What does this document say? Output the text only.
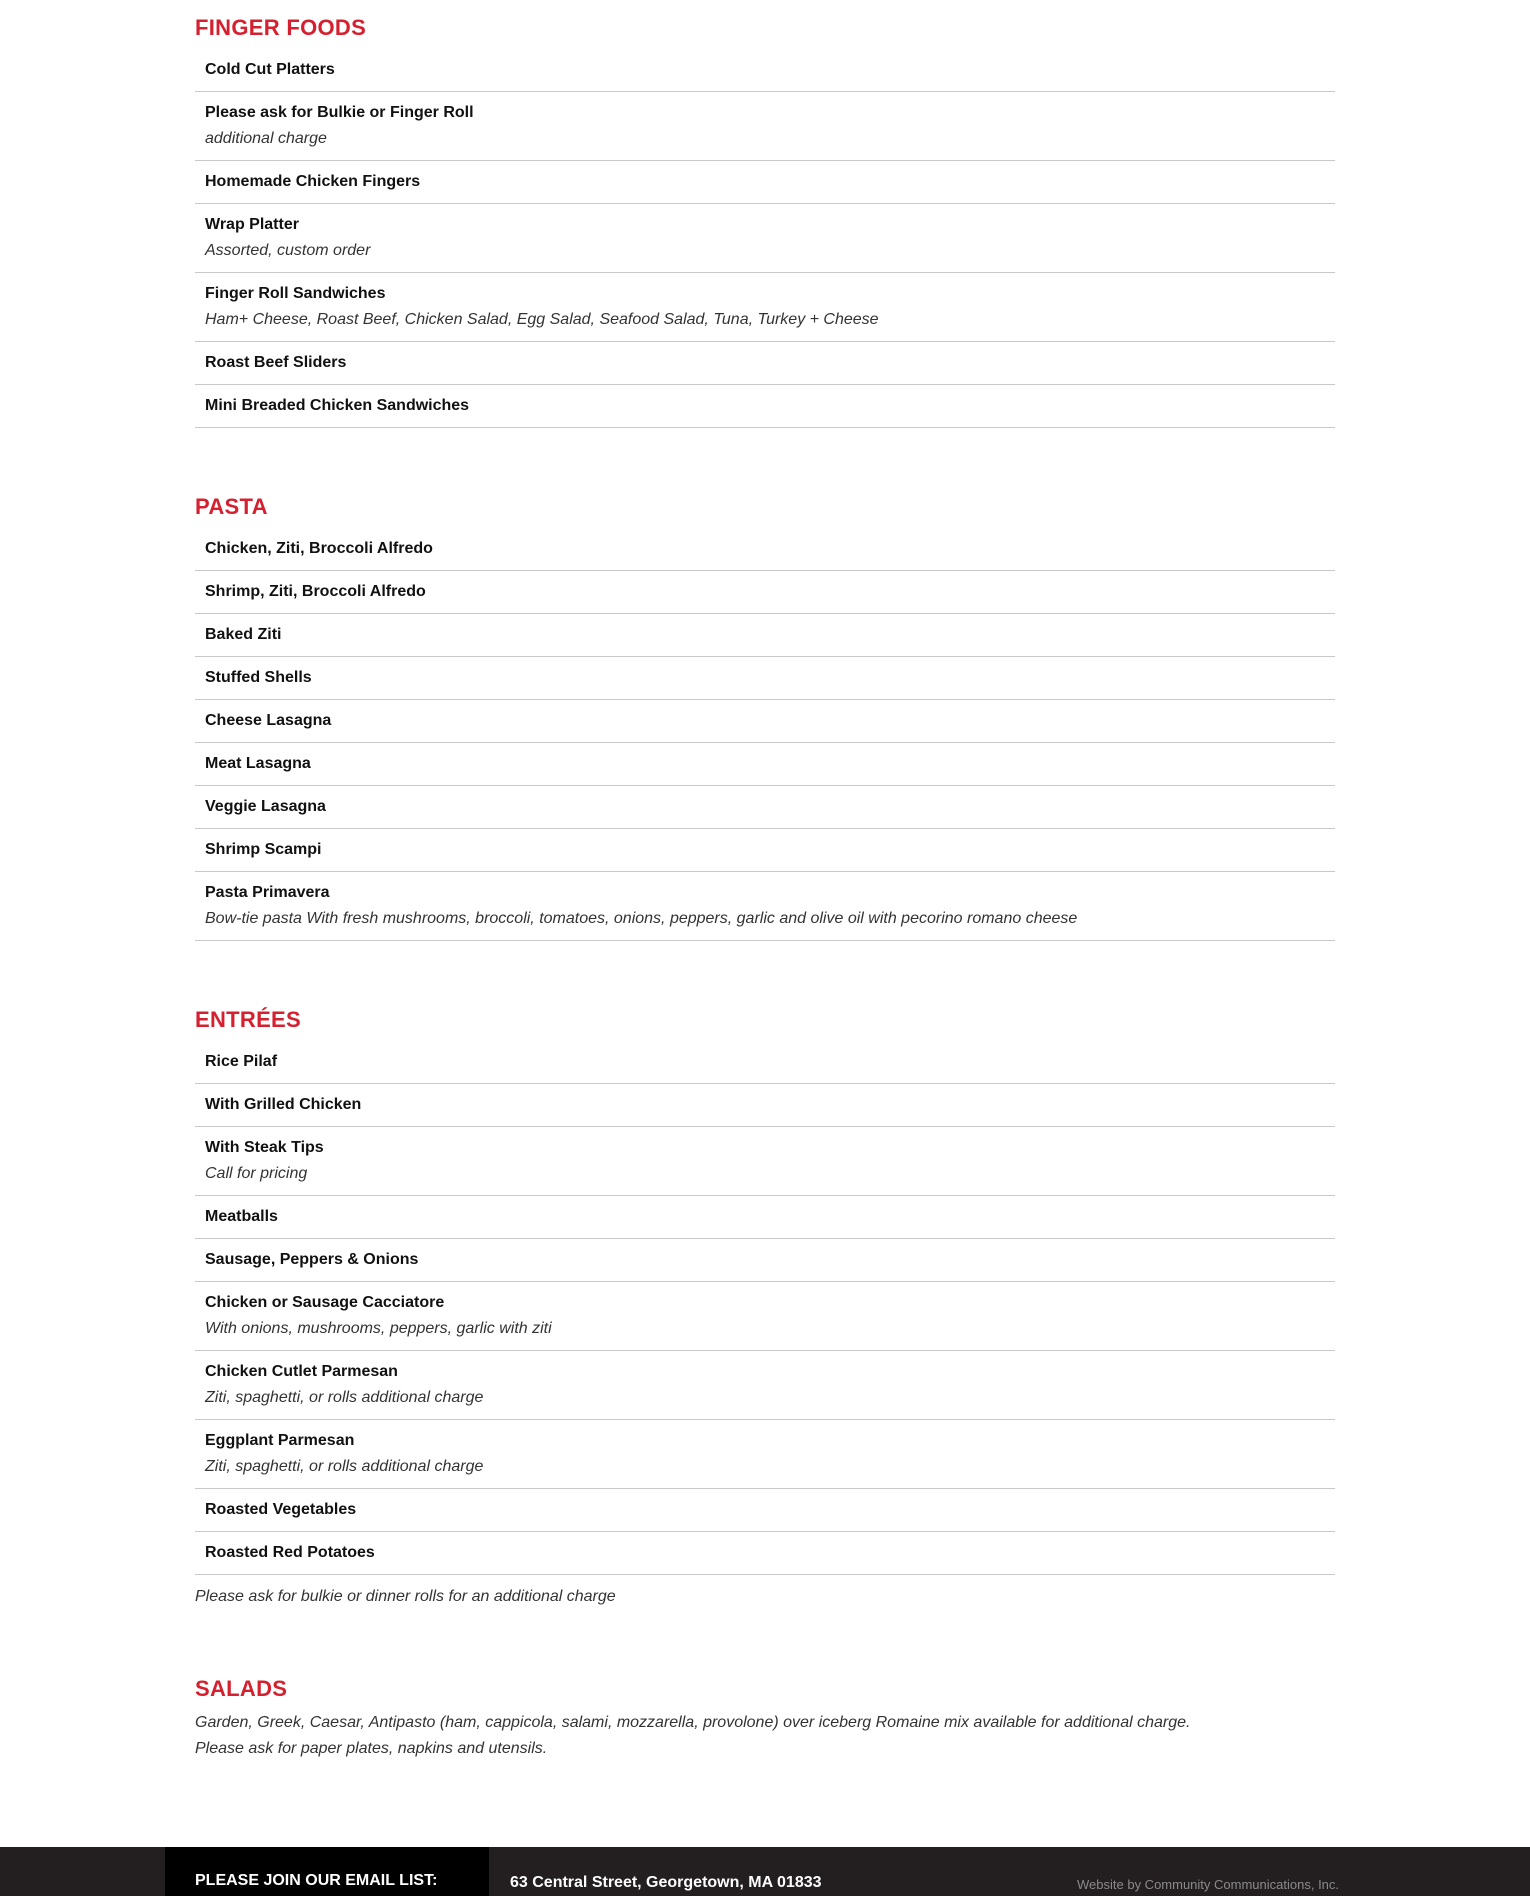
FINGER FOODS
Cold Cut Platters
Please ask for Bulkie or Finger Roll
additional charge
Homemade Chicken Fingers
Wrap Platter
Assorted, custom order
Finger Roll Sandwiches
Ham+ Cheese, Roast Beef, Chicken Salad, Egg Salad, Seafood Salad, Tuna, Turkey + Cheese
Roast Beef Sliders
Mini Breaded Chicken Sandwiches
PASTA
Chicken, Ziti, Broccoli Alfredo
Shrimp, Ziti, Broccoli Alfredo
Baked Ziti
Stuffed Shells
Cheese Lasagna
Meat Lasagna
Veggie Lasagna
Shrimp Scampi
Pasta Primavera
Bow-tie pasta With fresh mushrooms, broccoli, tomatoes, onions, peppers, garlic and olive oil with pecorino romano cheese
ENTRÉES
Rice Pilaf
With Grilled Chicken
With Steak Tips
Call for pricing
Meatballs
Sausage, Peppers & Onions
Chicken or Sausage Cacciatore
With onions, mushrooms, peppers, garlic with ziti
Chicken Cutlet Parmesan
Ziti, spaghetti, or rolls additional charge
Eggplant Parmesan
Ziti, spaghetti, or rolls additional charge
Roasted Vegetables
Roasted Red Potatoes
Please ask for bulkie or dinner rolls for an additional charge
SALADS
Garden, Greek, Caesar, Antipasto (ham, cappicola, salami, mozzarella, provolone) over iceberg Romaine mix available for additional charge.
Please ask for paper plates, napkins and utensils.
PLEASE JOIN OUR EMAIL LIST:	63 Central Street, Georgetown, MA 01833	Website by Community Communications, Inc.
